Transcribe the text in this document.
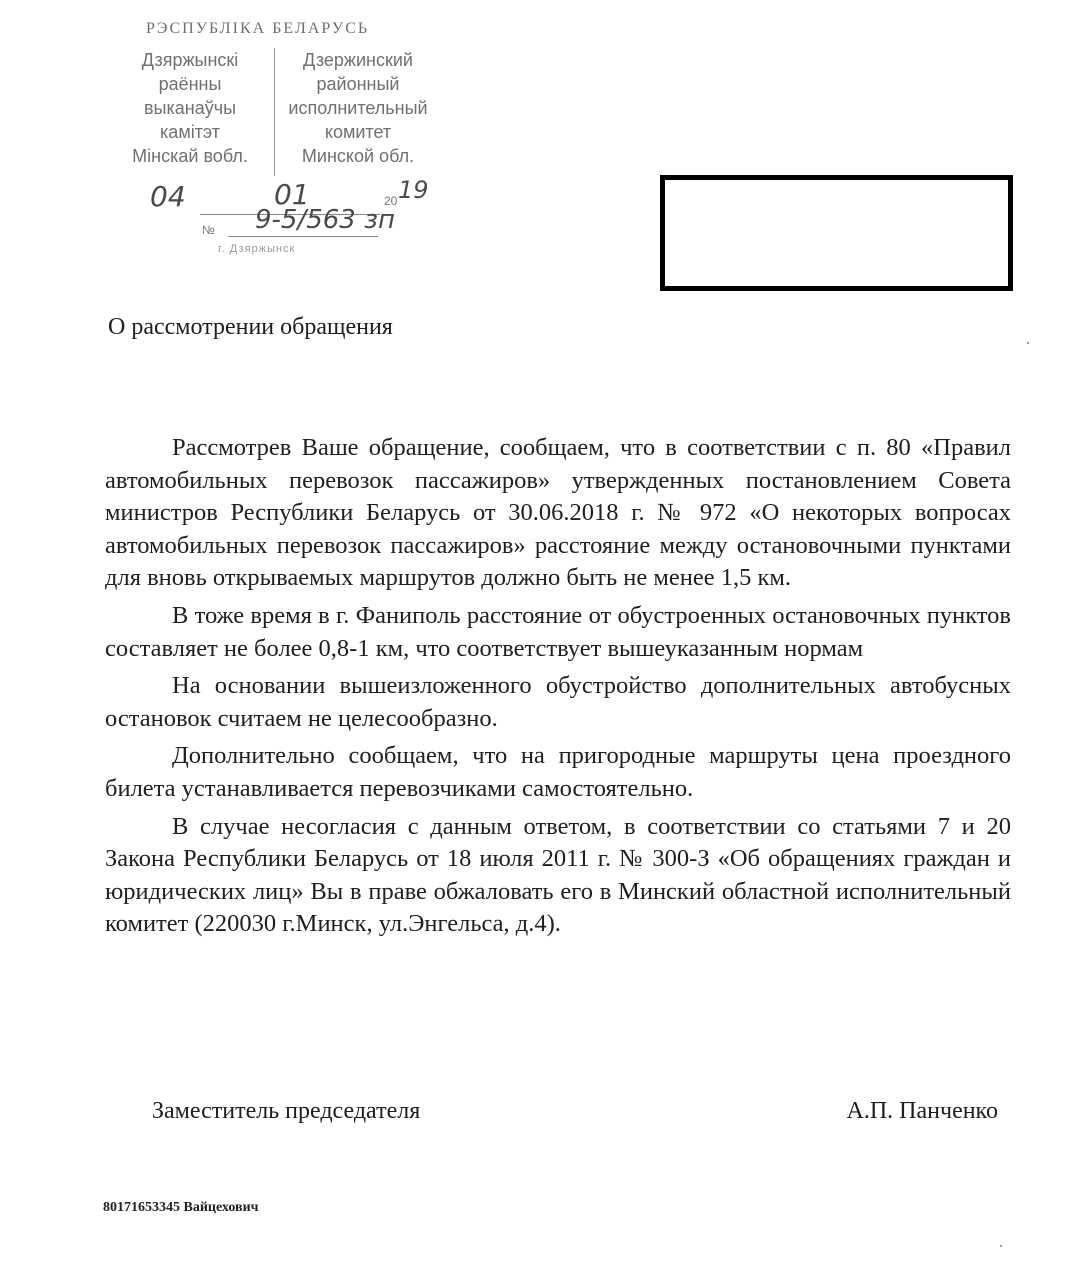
РЭСПУБЛІКА БЕЛАРУСЬ
Дзяржынскі
раённы
выканаўчы
камітэт
Мінскай вобл.
Дзержинский
районный
исполнительный
комитет
Минской обл.
04	01	20 19
№ 9-5/563 зп
г. Дзяржынск
О рассмотрении обращения

Рассмотрев Ваше обращение, сообщаем, что в соответствии с п. 80 «Правил автомобильных перевозок пассажиров» утвержденных постановлением Совета министров Республики Беларусь от 30.06.2018 г. № 972 «О некоторых вопросах автомобильных перевозок пассажиров» расстояние между остановочными пунктами для вновь открываемых маршрутов должно быть не менее 1,5 км.

В тоже время в г. Фаниполь расстояние от обустроенных остановочных пунктов составляет не более 0,8-1 км, что соответствует вышеуказанным нормам

На основании вышеизложенного обустройство дополнительных автобусных остановок считаем не целесообразно.

Дополнительно сообщаем, что на пригородные маршруты цена проездного билета устанавливается перевозчиками самостоятельно.

В случае несогласия с данным ответом, в соответствии со статьями 7 и 20 Закона Республики Беларусь от 18 июля 2011 г. № 300-З «Об обращениях граждан и юридических лиц» Вы в праве обжаловать его в Минский областной исполнительный комитет (220030 г.Минск, ул.Энгельса, д.4).

Заместитель председателя	А.П. Панченко
80171653345 Вайцехович
